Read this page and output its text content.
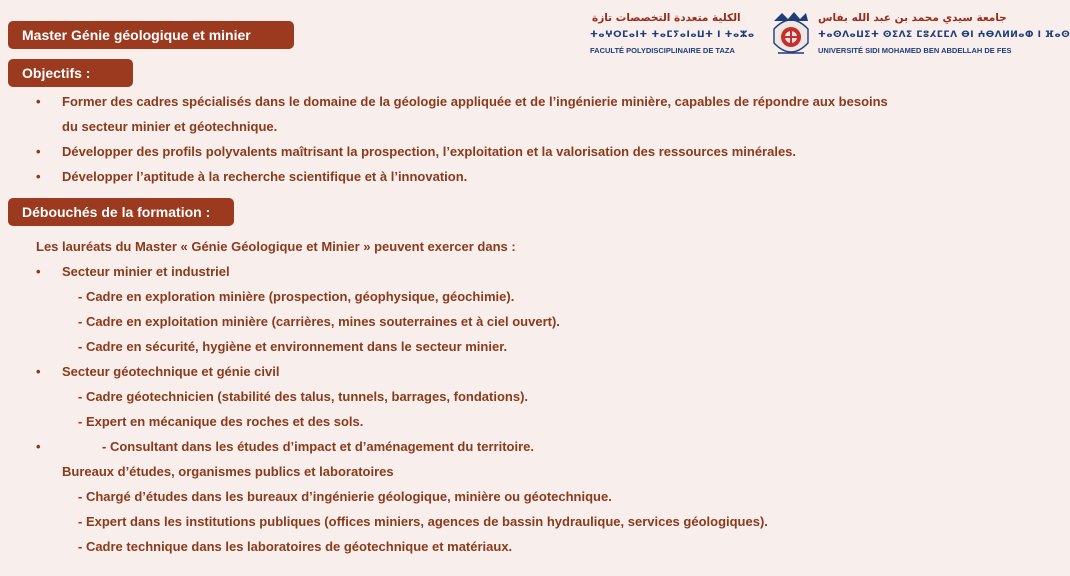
Master Génie géologique et minier
الكلية متعددة التخصصات تازة
ⵜⴰⵖⵔⵎⴰⵏⵜ ⵜⴰⵎⵢⴰⵏⴰⵡⵜ ⵏ ⵜⴰⵣⴰ
FACULTÉ POLYDISCIPLINAIRE DE TAZA
جامعة سيدي محمد بن عبد الله بفاس
ⵜⴰⵙⴷⴰⵡⵉⵜ ⵙⵉⴷⵉ ⵎⵓⵃⵎⵎⴷ ⴱⵏ ⵄⴱⴷⵍⵍⴰⵀ ⵏ ⴼⴰⵙ
UNIVERSITÉ SIDI MOHAMED BEN ABDELLAH DE FES
Objectifs :
• Former des cadres spécialisés dans le domaine de la géologie appliquée et de l’ingénierie minière, capables de répondre aux besoins
du secteur minier et géotechnique.
• Développer des profils polyvalents maîtrisant la prospection, l’exploitation et la valorisation des ressources minérales.
• Développer l’aptitude à la recherche scientifique et à l’innovation.
Débouchés de la formation :
Les lauréats du Master « Génie Géologique et Minier » peuvent exercer dans :
• Secteur minier et industriel
- Cadre en exploration minière (prospection, géophysique, géochimie).
- Cadre en exploitation minière (carrières, mines souterraines et à ciel ouvert).
- Cadre en sécurité, hygiène et environnement dans le secteur minier.
• Secteur géotechnique et génie civil
- Cadre géotechnicien (stabilité des talus, tunnels, barrages, fondations).
- Expert en mécanique des roches et des sols.
•	- Consultant dans les études d’impact et d’aménagement du territoire.
Bureaux d’études, organismes publics et laboratoires
- Chargé d’études dans les bureaux d’ingénierie géologique, minière ou géotechnique.
- Expert dans les institutions publiques (offices miniers, agences de bassin hydraulique, services géologiques).
- Cadre technique dans les laboratoires de géotechnique et matériaux.
